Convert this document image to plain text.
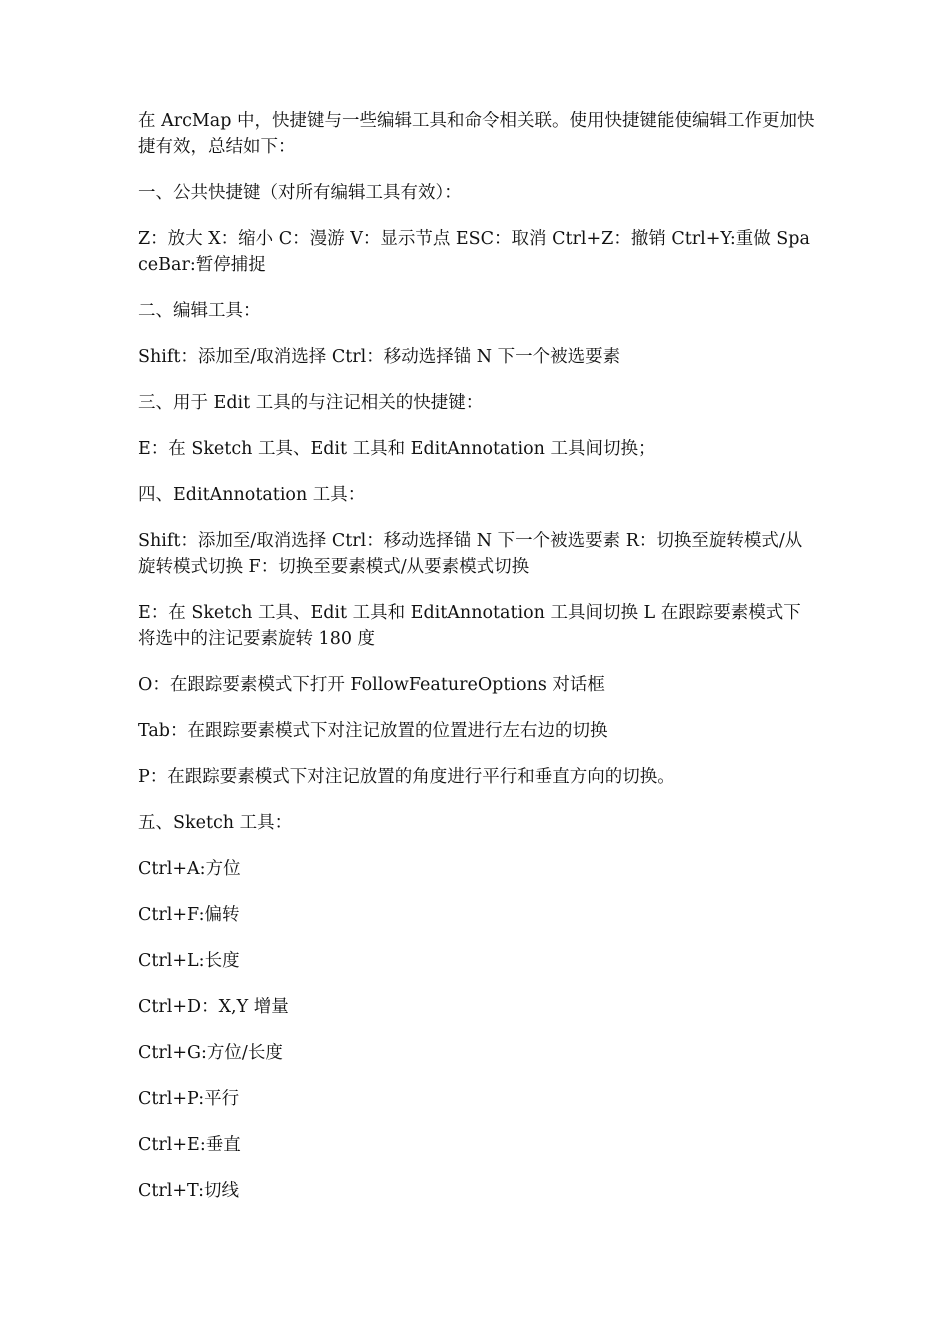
在 ArcMap 中，快捷键与一些编辑工具和命令相关联。使用快捷键能使编辑工作更加快捷有效，总结如下：

一、公共快捷键（对所有编辑工具有效）：

Z：放大 X：缩小 C：漫游 V：显示节点 ESC：取消 Ctrl+Z：撤销 Ctrl+Y:重做 SpaceBar:暂停捕捉

二、编辑工具：

Shift：添加至/取消选择 Ctrl：移动选择锚 N 下一个被选要素

三、用于 Edit 工具的与注记相关的快捷键：

E：在 Sketch 工具、Edit 工具和 EditAnnotation 工具间切换；

四、EditAnnotation 工具：

Shift：添加至/取消选择 Ctrl：移动选择锚 N 下一个被选要素 R：切换至旋转模式/从旋转模式切换 F：切换至要素模式/从要素模式切换

E：在 Sketch 工具、Edit 工具和 EditAnnotation 工具间切换 L 在跟踪要素模式下将选中的注记要素旋转 180 度

O：在跟踪要素模式下打开 FollowFeatureOptions 对话框

Tab：在跟踪要素模式下对注记放置的位置进行左右边的切换

P：在跟踪要素模式下对注记放置的角度进行平行和垂直方向的切换。

五、Sketch 工具：

Ctrl+A:方位

Ctrl+F:偏转

Ctrl+L:长度

Ctrl+D：X,Y 增量

Ctrl+G:方位/长度

Ctrl+P:平行

Ctrl+E:垂直

Ctrl+T:切线
